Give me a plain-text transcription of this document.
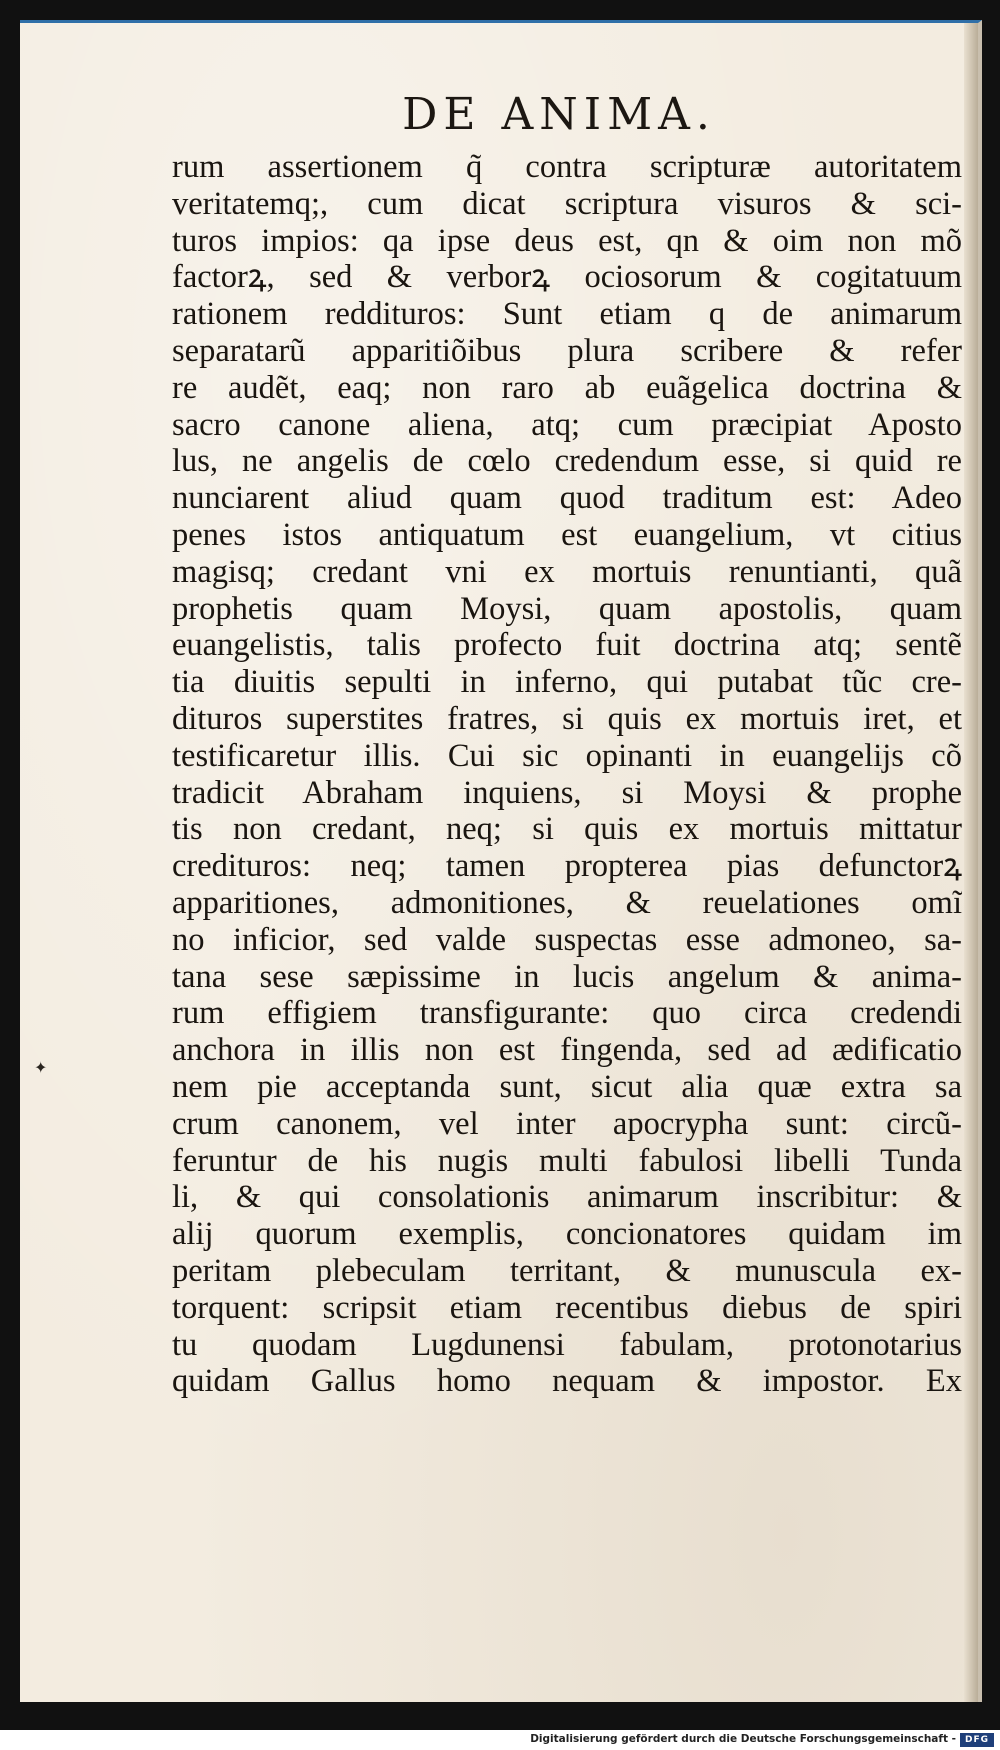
DE ANIMA.
rum assertionem q̃ contra scripturæ autoritatem
veritatemq;, cum dicat scriptura visuros & sci-
turos impios: qa ipse deus est, qn & oim non mõ
factorꝝ, sed & verborꝝ ociosorum & cogitatuum
rationem reddituros: Sunt etiam q de animarum
separatarũ apparitiõibus plura scribere & refer
re audẽt, eaq; non raro ab euãgelica doctrina &
sacro canone aliena, atq; cum præcipiat Aposto
lus, ne angelis de cœlo credendum esse, si quid re
nunciarent aliud quam quod traditum est: Adeo
penes istos antiquatum est euangelium, vt citius
magisq; credant vni ex mortuis renuntianti, quã
prophetis quam Moysi, quam apostolis, quam
euangelistis, talis profecto fuit doctrina atq; sentẽ
tia diuitis sepulti in inferno, qui putabat tũc cre-
dituros superstites fratres, si quis ex mortuis iret, et
testificaretur illis. Cui sic opinanti in euangelijs cõ
tradicit Abraham inquiens, si Moysi & prophe
tis non credant, neq; si quis ex mortuis mittatur
credituros: neq; tamen propterea pias defunctorꝝ
apparitiones, admonitiones, & reuelationes omĩ
no inficior, sed valde suspectas esse admoneo, sa-
tana sese sæpissime in lucis angelum & anima-
rum effigiem transfigurante: quo circa credendi
anchora in illis non est fingenda, sed ad ædificatio
nem pie acceptanda sunt, sicut alia quæ extra sa
crum canonem, vel inter apocrypha sunt: circũ-
feruntur de his nugis multi fabulosi libelli Tunda
li, & qui consolationis animarum inscribitur: &
alij quorum exemplis, concionatores quidam im
peritam plebeculam territant, & munuscula ex-
torquent: scripsit etiam recentibus diebus de spiri
tu quodam Lugdunensi fabulam, protonotarius
quidam Gallus homo nequam & impostor. Ex
✦
Digitalisierung gefördert durch die Deutsche Forschungsgemeinschaft - DFG
